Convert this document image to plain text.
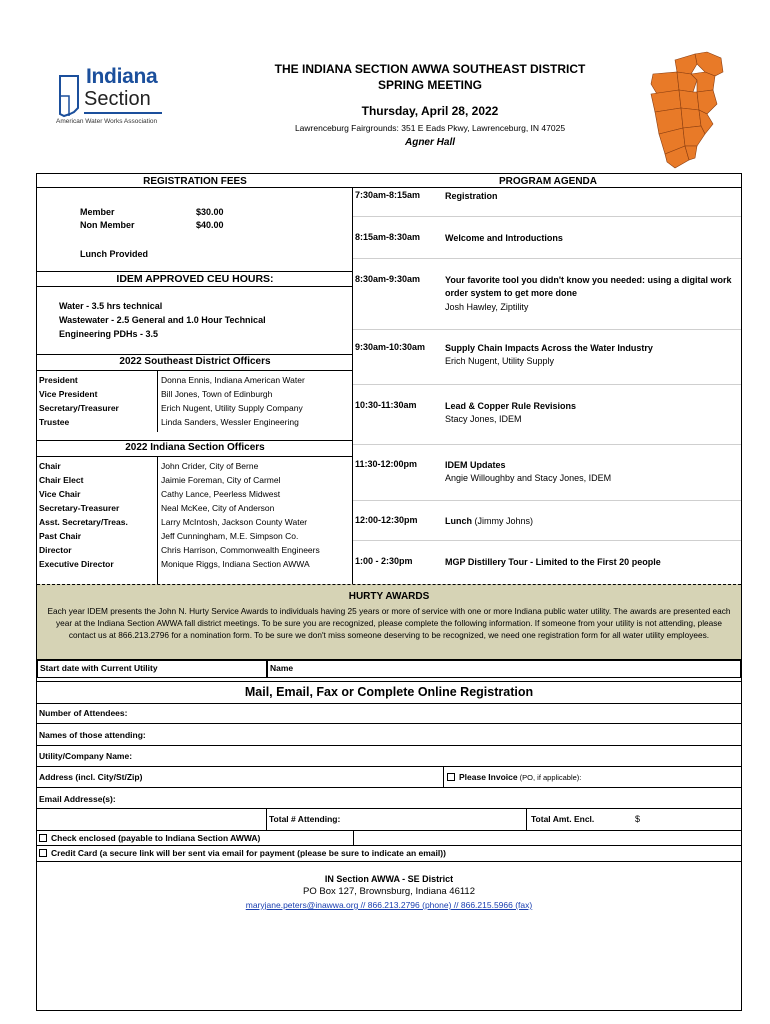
Indiana
Section
American Water Works Association
THE INDIANA SECTION AWWA SOUTHEAST DISTRICT
SPRING MEETING
Thursday, April 28, 2022
Lawrenceburg Fairgrounds: 351 E Eads Pkwy, Lawrenceburg, IN 47025
Agner Hall
REGISTRATION FEES	PROGRAM AGENDA
Member	$30.00
Non Member	$40.00
Lunch Provided
IDEM APPROVED CEU HOURS:
Water - 3.5 hrs technical
Wastewater - 2.5 General and 1.0 Hour Technical
Engineering PDHs - 3.5
2022 Southeast District Officers
President	Donna Ennis, Indiana American Water
Vice President	Bill Jones, Town of Edinburgh
Secretary/Treasurer	Erich Nugent, Utility Supply Company
Trustee	Linda Sanders, Wessler Engineering
2022 Indiana Section Officers
Chair	John Crider, City of Berne
Chair Elect	Jaimie Foreman, City of Carmel
Vice Chair	Cathy Lance, Peerless Midwest
Secretary-Treasurer	Neal McKee, City of Anderson
Asst. Secretary/Treas.	Larry McIntosh, Jackson County Water
Past Chair	Jeff Cunningham, M.E. Simpson Co.
Director	Chris Harrison, Commonwealth Engineers
Executive Director	Monique Riggs, Indiana Section AWWA
7:30am-8:15am	Registration
8:15am-8:30am	Welcome and Introductions
8:30am-9:30am	Your favorite tool you didn't know you needed: using a digital work order system to get more done
Josh Hawley, Ziptility
9:30am-10:30am Supply Chain Impacts Across the Water Industry
Erich Nugent, Utility Supply
10:30-11:30am	Lead & Copper Rule Revisions
Stacy Jones, IDEM
11:30-12:00pm	IDEM Updates
Angie Willoughby and Stacy Jones, IDEM
12:00-12:30pm	Lunch (Jimmy Johns)
1:00 - 2:30pm	MGP Distillery Tour - Limited to the First 20 people
HURTY AWARDS
Each year IDEM presents the John N. Hurty Service Awards to individuals having 25 years or more of service with one or more Indiana public water utility. The awards are presented each year at the Indiana Section AWWA fall district meetings. To be sure you are recognized, please complete the following information. If someone from your utility is not attending, please contact us at 866.213.2796 for a nomination form. To be sure we don't miss someone deserving to be recognized, we need one registration form for all water utility employees.
Start date with Current Utility	Name
Mail, Email, Fax or Complete Online Registration
Number of Attendees:
Names of those attending:
Utility/Company Name:
Address (incl. City/St/Zip)	Please Invoice (PO, if applicable):
Email Addresse(s):
Total # Attending:	Total Amt. Encl.	$
Check enclosed (payable to Indiana Section AWWA)
Credit Card (a secure link will ber sent via email for payment (please be sure to indicate an email))
IN Section AWWA - SE District
PO Box 127, Brownsburg, Indiana 46112
maryjane.peters@inawwa.org // 866.213.2796 (phone) // 866.215.5966 (fax)
